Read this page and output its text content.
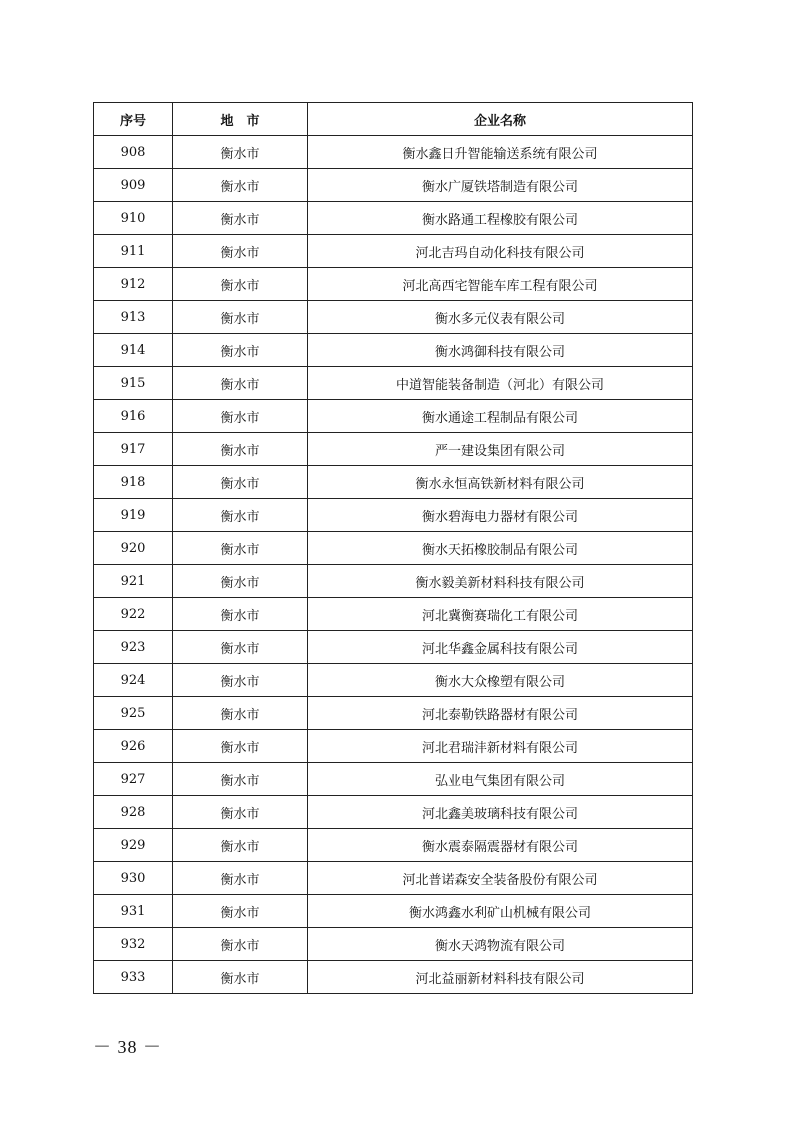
序号	地　市	企业名称
908	衡水市	衡水鑫日升智能输送系统有限公司
909	衡水市	衡水广厦铁塔制造有限公司
910	衡水市	衡水路通工程橡胶有限公司
911	衡水市	河北吉玛自动化科技有限公司
912	衡水市	河北高西宅智能车库工程有限公司
913	衡水市	衡水多元仪表有限公司
914	衡水市	衡水鸿御科技有限公司
915	衡水市	中道智能装备制造（河北）有限公司
916	衡水市	衡水通途工程制品有限公司
917	衡水市	严一建设集团有限公司
918	衡水市	衡水永恒高铁新材料有限公司
919	衡水市	衡水碧海电力器材有限公司
920	衡水市	衡水天拓橡胶制品有限公司
921	衡水市	衡水毅美新材料科技有限公司
922	衡水市	河北冀衡赛瑞化工有限公司
923	衡水市	河北华鑫金属科技有限公司
924	衡水市	衡水大众橡塑有限公司
925	衡水市	河北泰勒铁路器材有限公司
926	衡水市	河北君瑞沣新材料有限公司
927	衡水市	弘业电气集团有限公司
928	衡水市	河北鑫美玻璃科技有限公司
929	衡水市	衡水震泰隔震器材有限公司
930	衡水市	河北普诺森安全装备股份有限公司
931	衡水市	衡水鸿鑫水利矿山机械有限公司
932	衡水市	衡水天鸿物流有限公司
933	衡水市	河北益丽新材料科技有限公司
－ 38 －
